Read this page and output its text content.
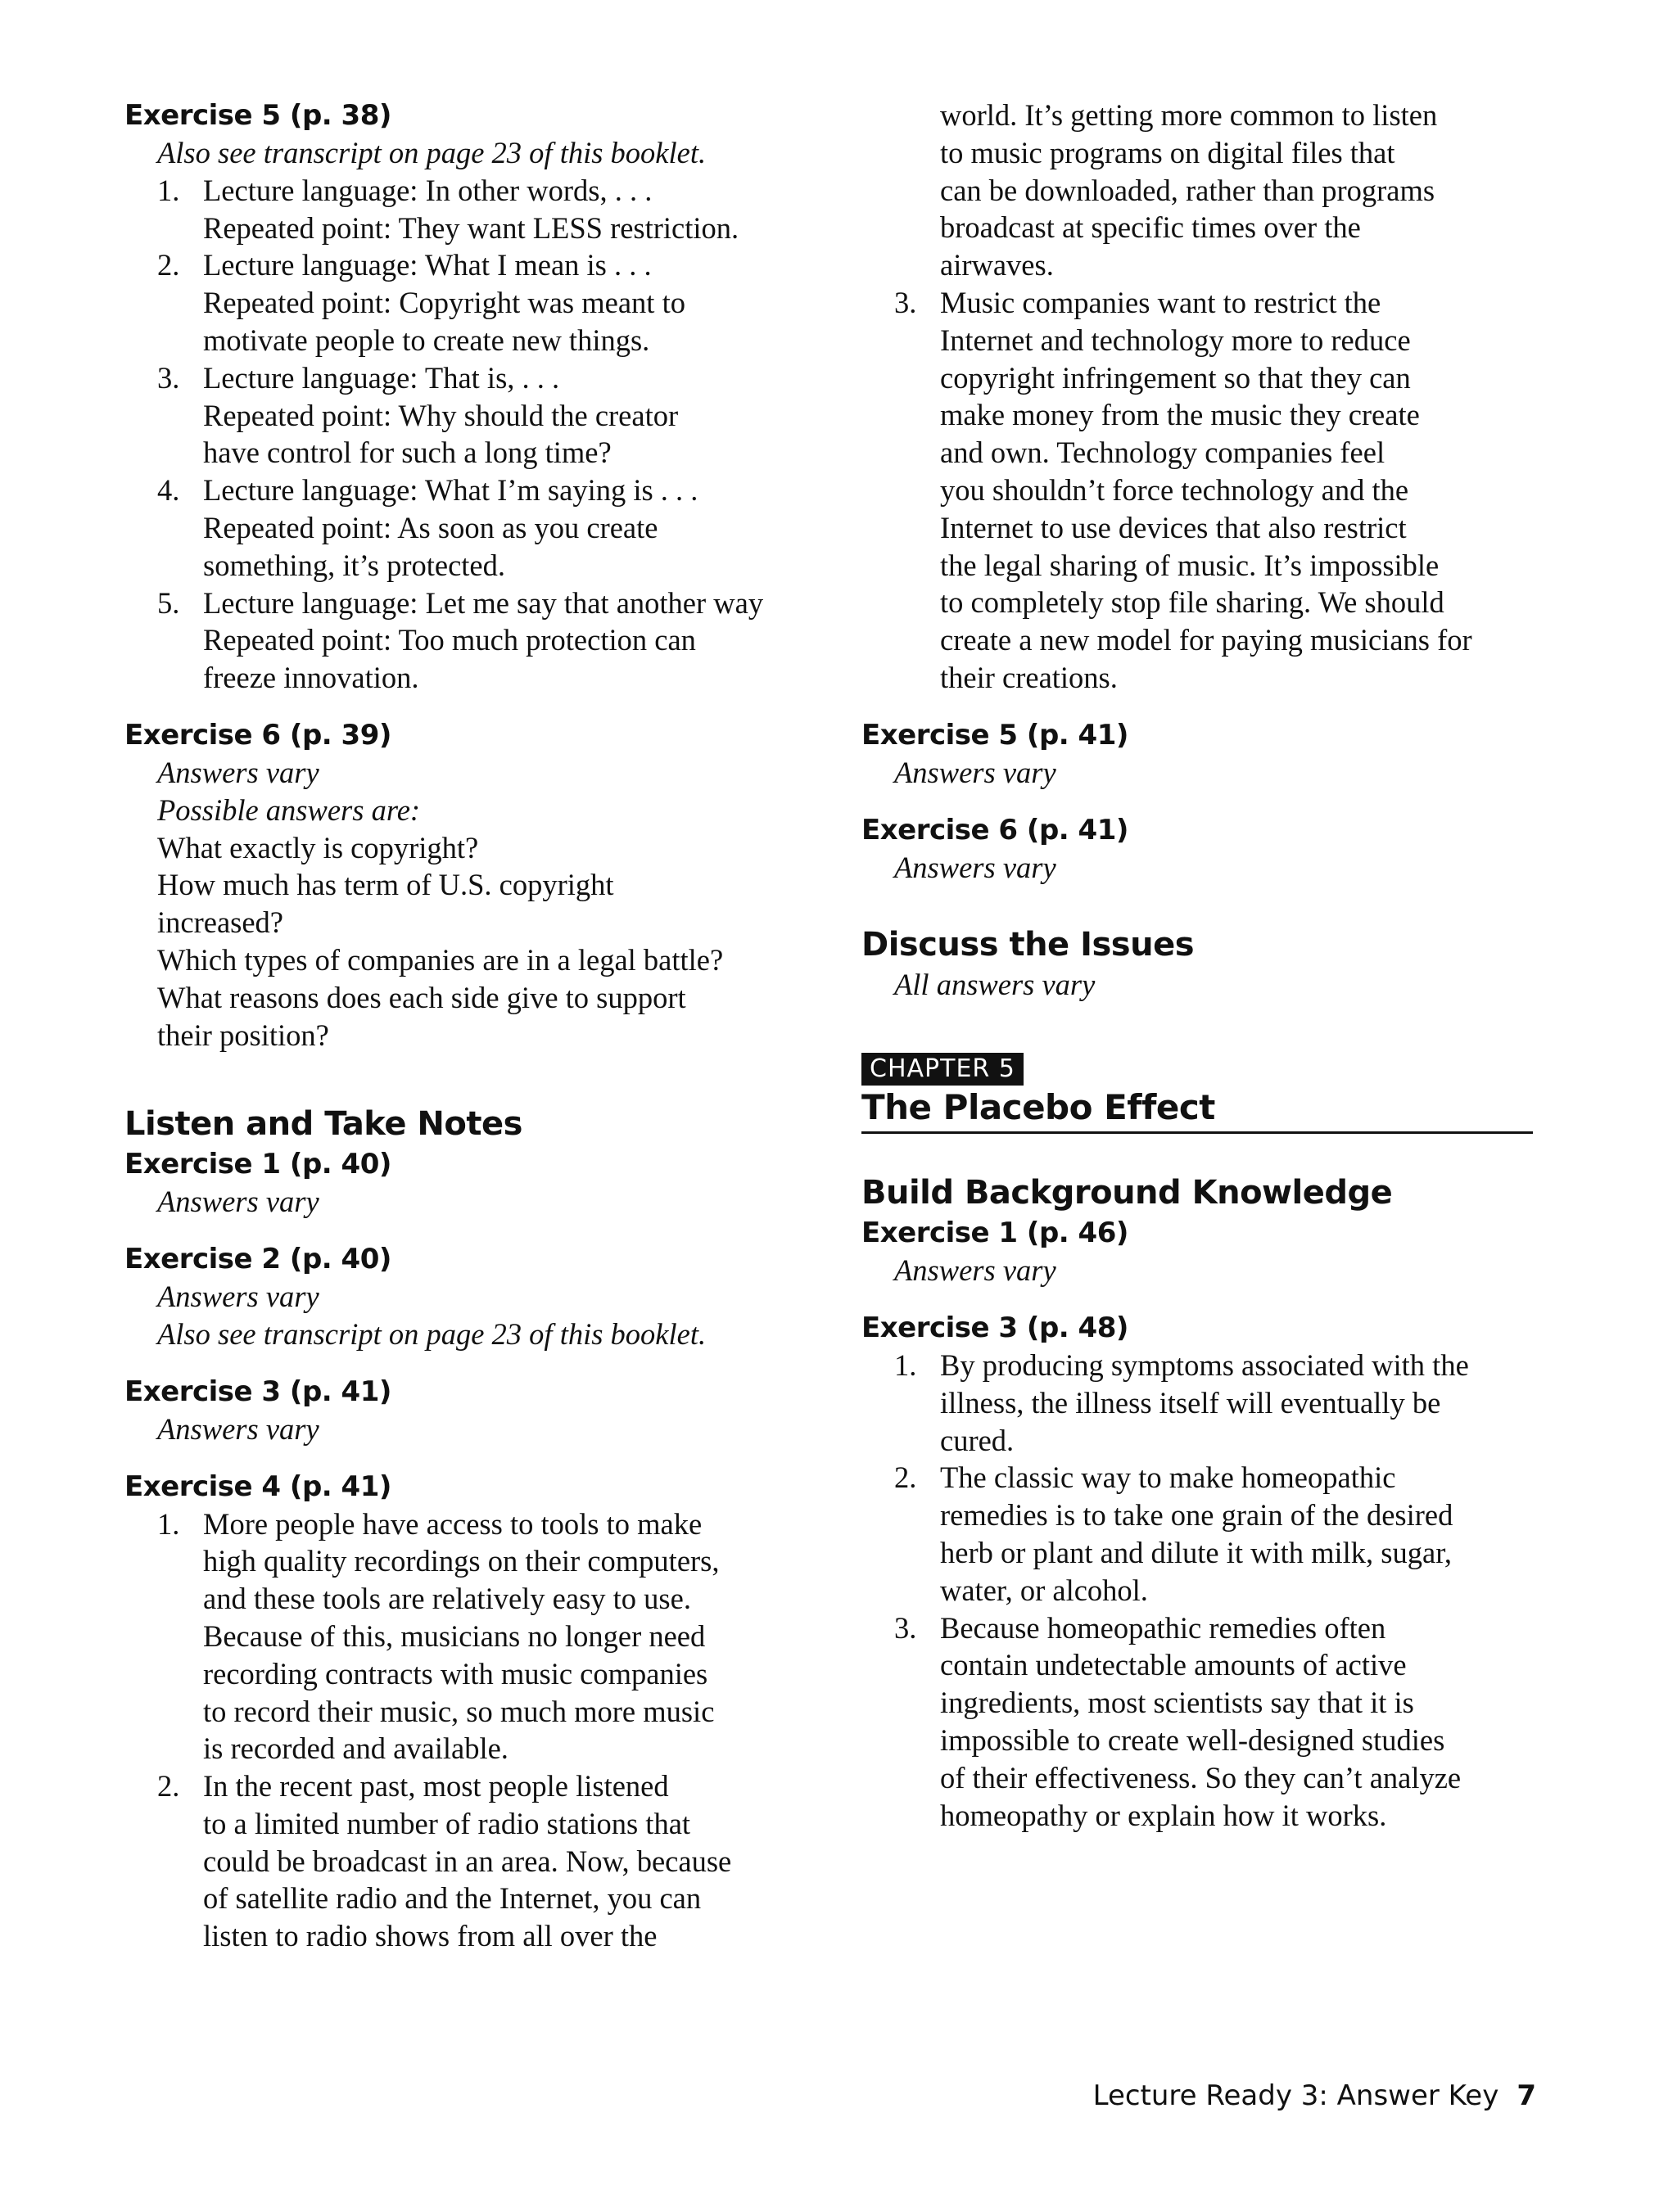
Exercise 5 (p. 38)
Also see transcript on page 23 of this booklet.
1. Lecture language: In other words, . . .
Repeated point: They want LESS restriction.
2. Lecture language: What I mean is . . .
Repeated point: Copyright was meant to
motivate people to create new things.
3. Lecture language: That is, . . .
Repeated point: Why should the creator
have control for such a long time?
4. Lecture language: What I’m saying is . . .
Repeated point: As soon as you create
something, it’s protected.
5. Lecture language: Let me say that another way
Repeated point: Too much protection can
freeze innovation.
Exercise 6 (p. 39)
Answers vary
Possible answers are:
What exactly is copyright?
How much has term of U.S. copyright
increased?
Which types of companies are in a legal battle?
What reasons does each side give to support
their position?
Listen and Take Notes
Exercise 1 (p. 40)
Answers vary
Exercise 2 (p. 40)
Answers vary
Also see transcript on page 23 of this booklet.
Exercise 3 (p. 41)
Answers vary
Exercise 4 (p. 41)
1. More people have access to tools to make
high quality recordings on their computers,
and these tools are relatively easy to use.
Because of this, musicians no longer need
recording contracts with music companies
to record their music, so much more music
is recorded and available.
2. In the recent past, most people listened
to a limited number of radio stations that
could be broadcast in an area. Now, because
of satellite radio and the Internet, you can
listen to radio shows from all over the
world. It’s getting more common to listen
to music programs on digital files that
can be downloaded, rather than programs
broadcast at specific times over the
airwaves.
3. Music companies want to restrict the
Internet and technology more to reduce
copyright infringement so that they can
make money from the music they create
and own. Technology companies feel
you shouldn’t force technology and the
Internet to use devices that also restrict
the legal sharing of music. It’s impossible
to completely stop file sharing. We should
create a new model for paying musicians for
their creations.
Exercise 5 (p. 41)
Answers vary
Exercise 6 (p. 41)
Answers vary
Discuss the Issues
All answers vary
CHAPTER 5
The Placebo Effect
Build Background Knowledge
Exercise 1 (p. 46)
Answers vary
Exercise 3 (p. 48)
1. By producing symptoms associated with the
illness, the illness itself will eventually be
cured.
2. The classic way to make homeopathic
remedies is to take one grain of the desired
herb or plant and dilute it with milk, sugar,
water, or alcohol.
3. Because homeopathic remedies often
contain undetectable amounts of active
ingredients, most scientists say that it is
impossible to create well-designed studies
of their effectiveness. So they can’t analyze
homeopathy or explain how it works.
Lecture Ready 3: Answer Key 7
